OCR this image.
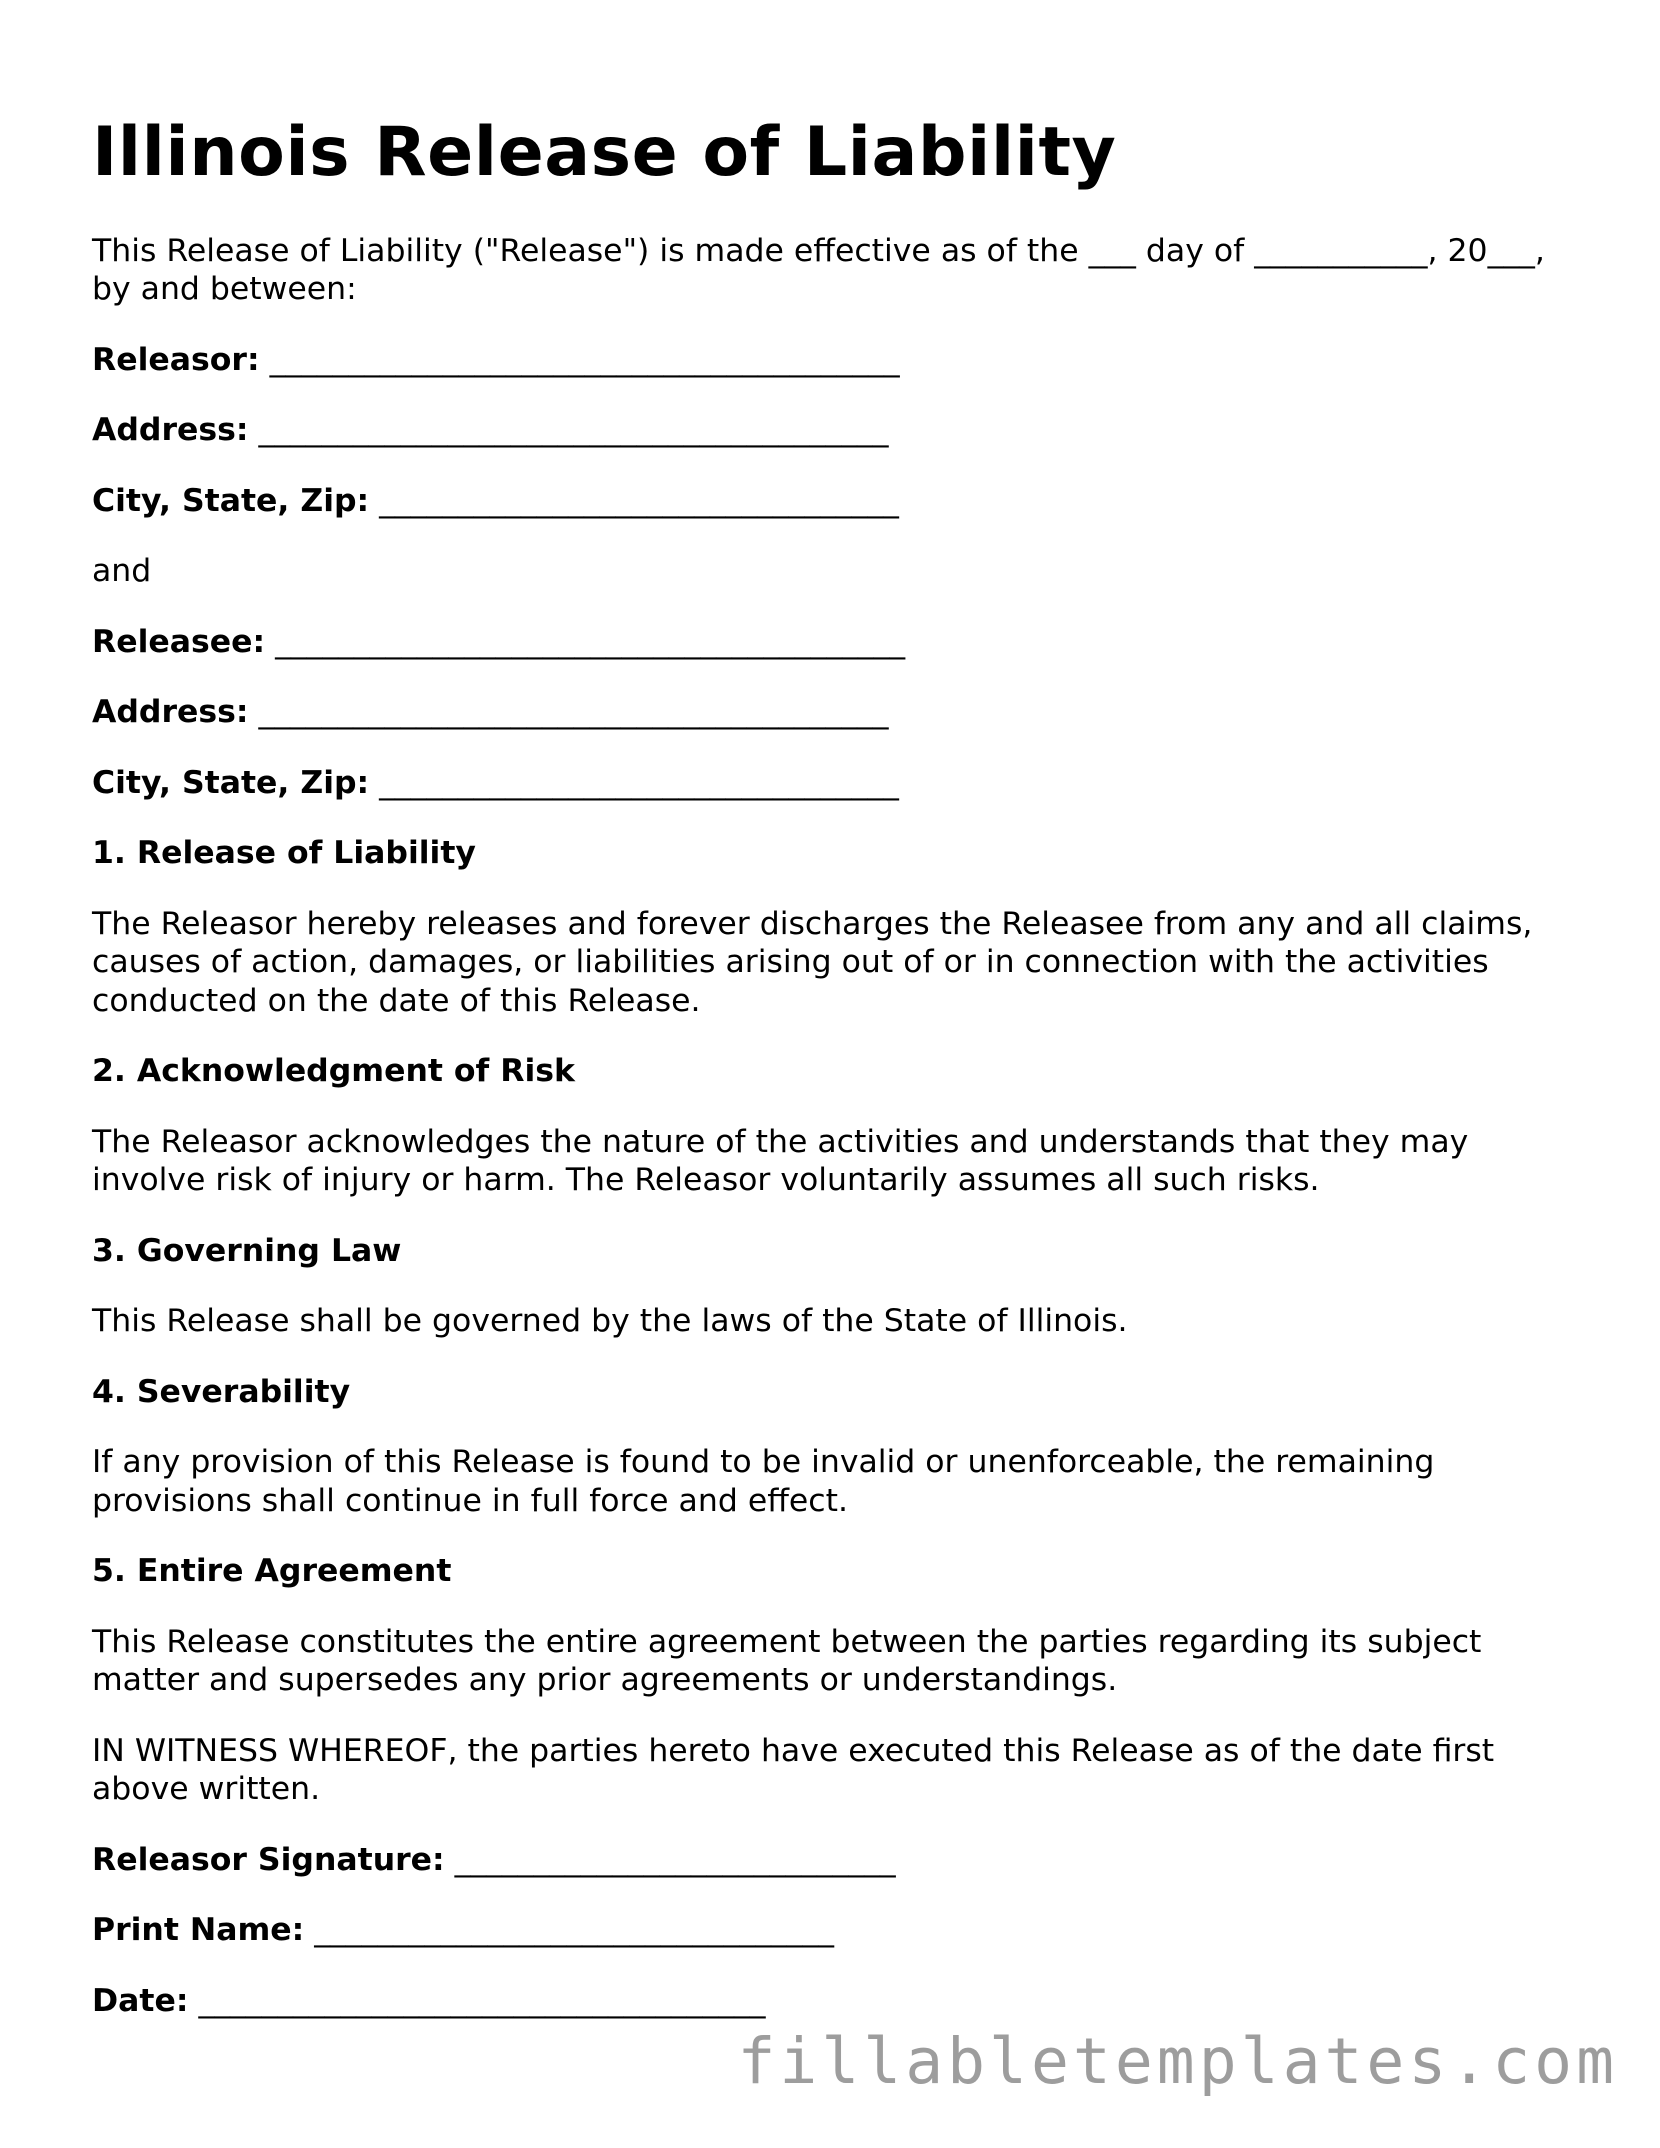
Illinois Release of Liability

This Release of Liability ("Release") is made effective as of the ___ day of ___________, 20___, by and between:

Releasor: ________________________________________

Address: ________________________________________

City, State, Zip: _________________________________

and

Releasee: ________________________________________

Address: ________________________________________

City, State, Zip: _________________________________

1. Release of Liability

The Releasor hereby releases and forever discharges the Releasee from any and all claims, causes of action, damages, or liabilities arising out of or in connection with the activities conducted on the date of this Release.

2. Acknowledgment of Risk

The Releasor acknowledges the nature of the activities and understands that they may involve risk of injury or harm. The Releasor voluntarily assumes all such risks.

3. Governing Law

This Release shall be governed by the laws of the State of Illinois.

4. Severability

If any provision of this Release is found to be invalid or unenforceable, the remaining provisions shall continue in full force and effect.

5. Entire Agreement

This Release constitutes the entire agreement between the parties regarding its subject matter and supersedes any prior agreements or understandings.

IN WITNESS WHEREOF, the parties hereto have executed this Release as of the date first above written.

Releasor Signature: ____________________________

Print Name: _________________________________

Date: ____________________________________

fillabletemplates.com
